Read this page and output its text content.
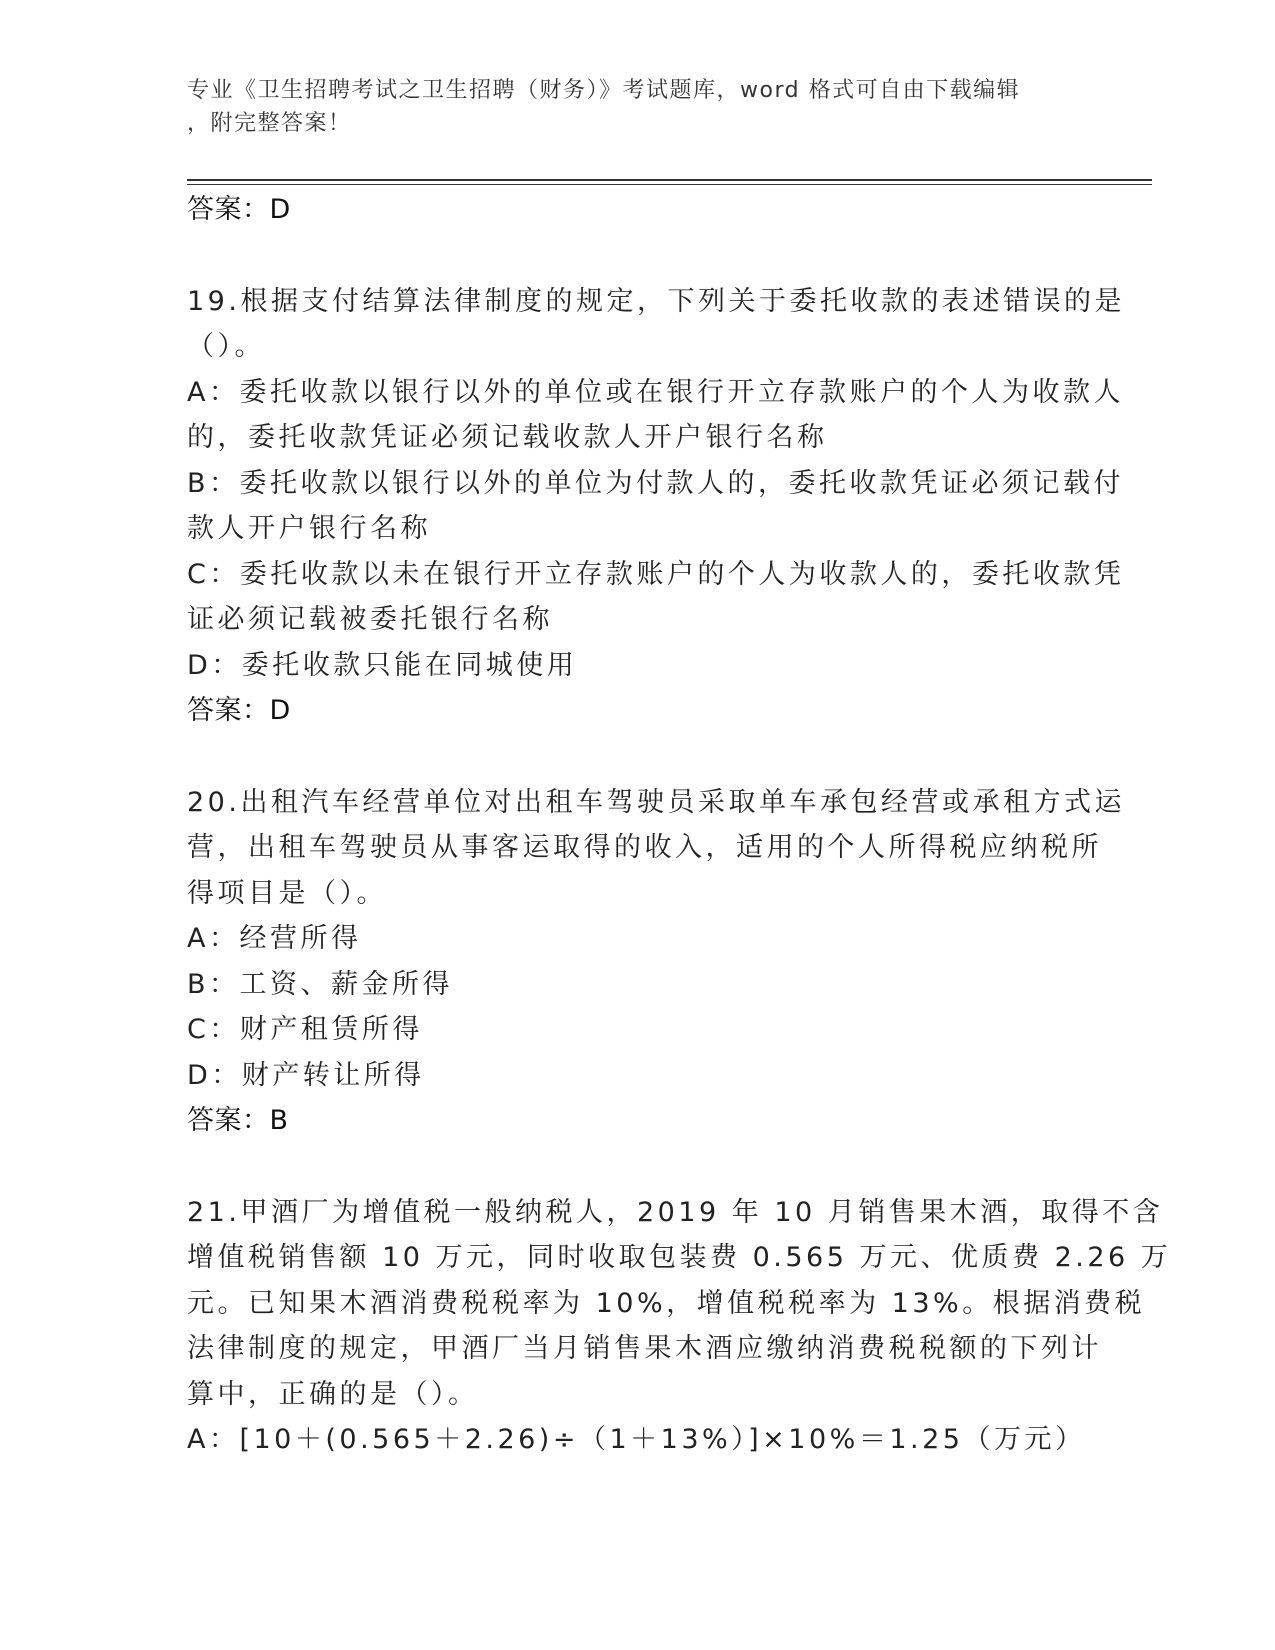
专业《卫生招聘考试之卫生招聘（财务）》考试题库，word 格式可自由下载编辑
，附完整答案！
答案：D
19.根据支付结算法律制度的规定，下列关于委托收款的表述错误的是
（）。
A：委托收款以银行以外的单位或在银行开立存款账户的个人为收款人
的，委托收款凭证必须记载收款人开户银行名称
B：委托收款以银行以外的单位为付款人的，委托收款凭证必须记载付
款人开户银行名称
C：委托收款以未在银行开立存款账户的个人为收款人的，委托收款凭
证必须记载被委托银行名称
D：委托收款只能在同城使用
答案：D
20.出租汽车经营单位对出租车驾驶员采取单车承包经营或承租方式运
营，出租车驾驶员从事客运取得的收入，适用的个人所得税应纳税所
得项目是（）。
A：经营所得
B：工资、薪金所得
C：财产租赁所得
D：财产转让所得
答案：B
21.甲酒厂为增值税一般纳税人，2019 年 10 月销售果木酒，取得不含
增值税销售额 10 万元，同时收取包装费 0.565 万元、优质费 2.26 万
元。已知果木酒消费税税率为 10%，增值税税率为 13%。根据消费税
法律制度的规定，甲酒厂当月销售果木酒应缴纳消费税税额的下列计
算中，正确的是（）。
A：[10＋(0.565＋2.26)÷（1＋13%）]×10%＝1.25（万元）
